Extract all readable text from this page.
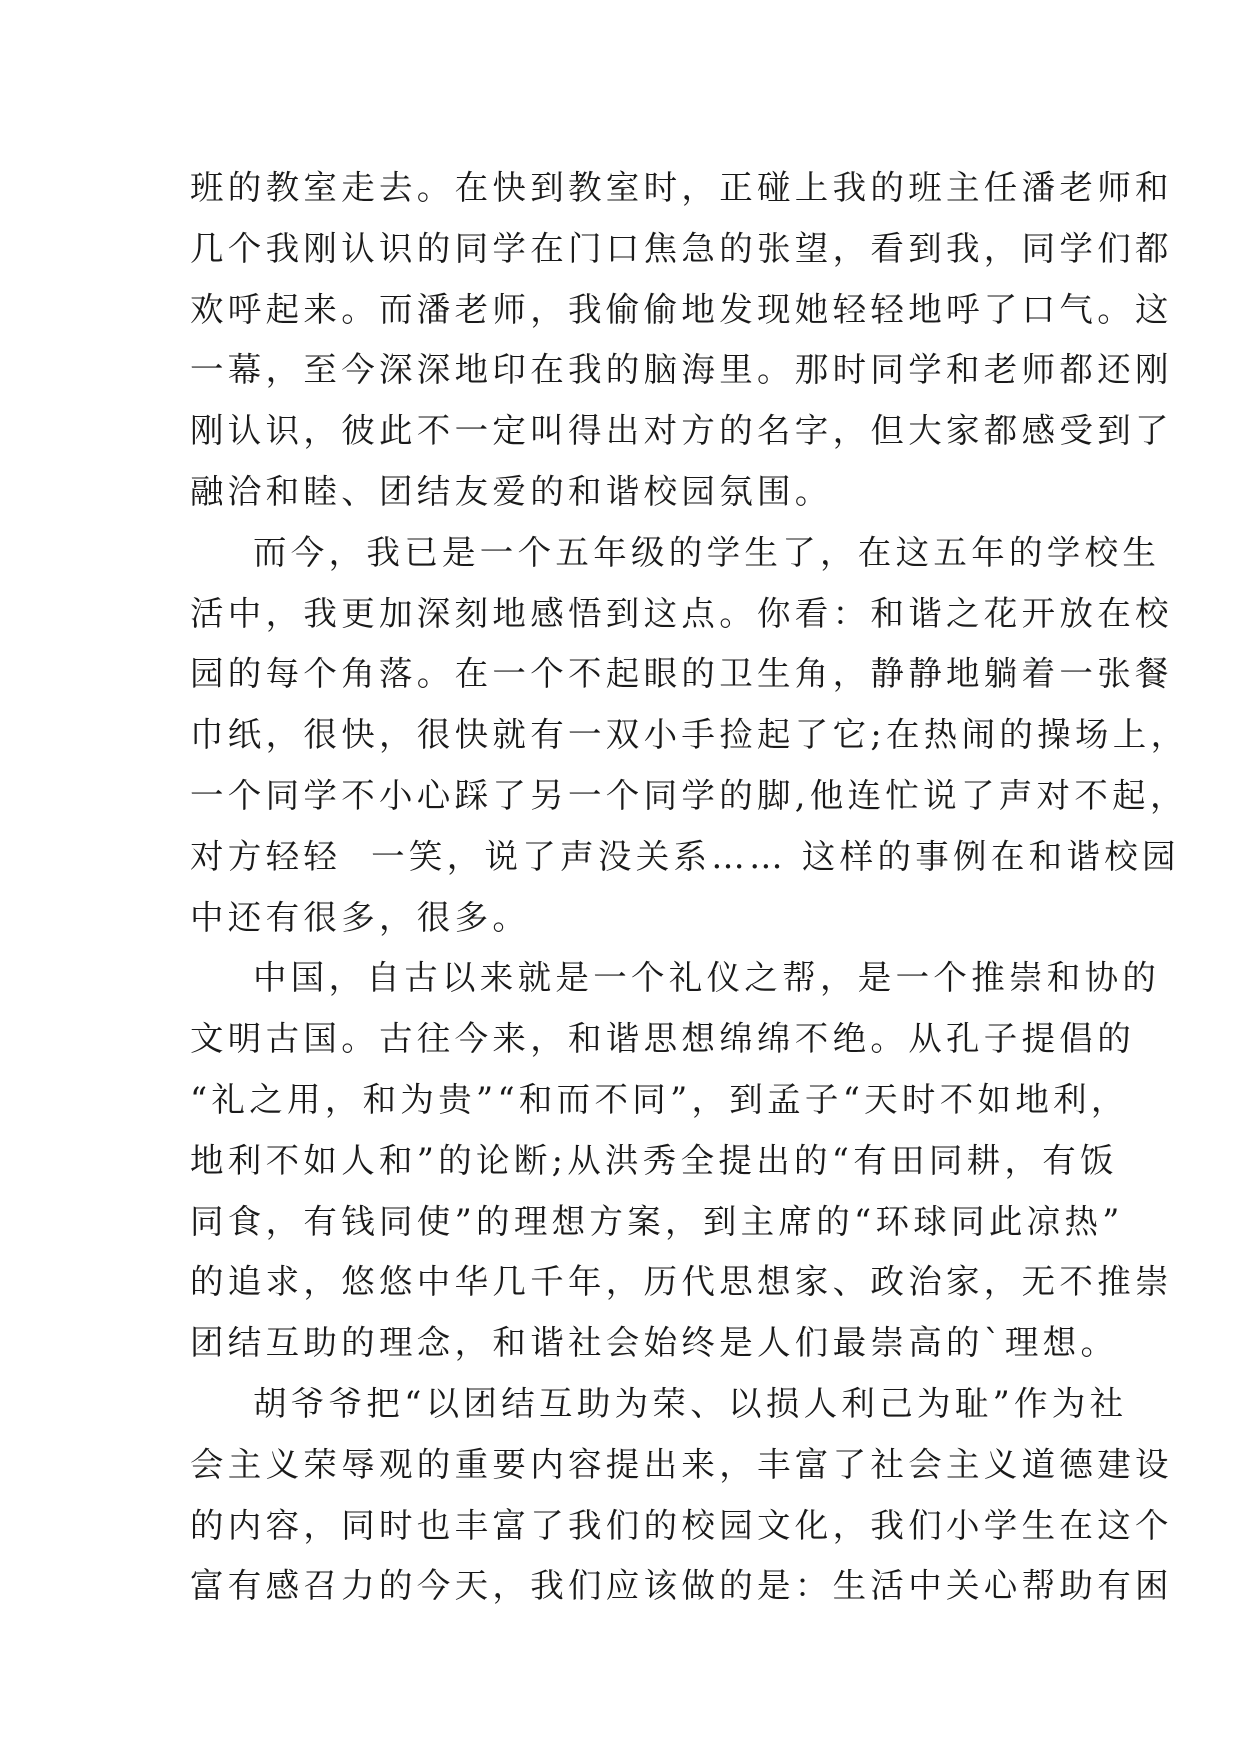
班的教室走去。在快到教室时，正碰上我的班主任潘老师和
几个我刚认识的同学在门口焦急的张望，看到我，同学们都
欢呼起来。而潘老师，我偷偷地发现她轻轻地呼了口气。这
一幕，至今深深地印在我的脑海里。那时同学和老师都还刚
刚认识，彼此不一定叫得出对方的名字，但大家都感受到了
融洽和睦、团结友爱的和谐校园氛围。
而今，我已是一个五年级的学生了，在这五年的学校生
活中，我更加深刻地感悟到这点。你看：和谐之花开放在校
园的每个角落。在一个不起眼的卫生角，静静地躺着一张餐
巾纸，很快，很快就有一双小手捡起了它;在热闹的操场上，
一个同学不小心踩了另一个同学的脚,他连忙说了声对不起，
对方轻轻  一笑，说了声没关系…… 这样的事例在和谐校园
中还有很多，很多。
中国，自古以来就是一个礼仪之帮，是一个推崇和协的
文明古国。古往今来，和谐思想绵绵不绝。从孔子提倡的
“礼之用，和为贵”“和而不同”，到孟子“天时不如地利，
地利不如人和”的论断;从洪秀全提出的“有田同耕，有饭
同食，有钱同使”的理想方案，到主席的“环球同此凉热”
的追求，悠悠中华几千年，历代思想家、政治家，无不推崇
团结互助的理念，和谐社会始终是人们最崇高的`理想。
胡爷爷把“以团结互助为荣、以损人利己为耻”作为社
会主义荣辱观的重要内容提出来，丰富了社会主义道德建设
的内容，同时也丰富了我们的校园文化，我们小学生在这个
富有感召力的今天，我们应该做的是：生活中关心帮助有困
